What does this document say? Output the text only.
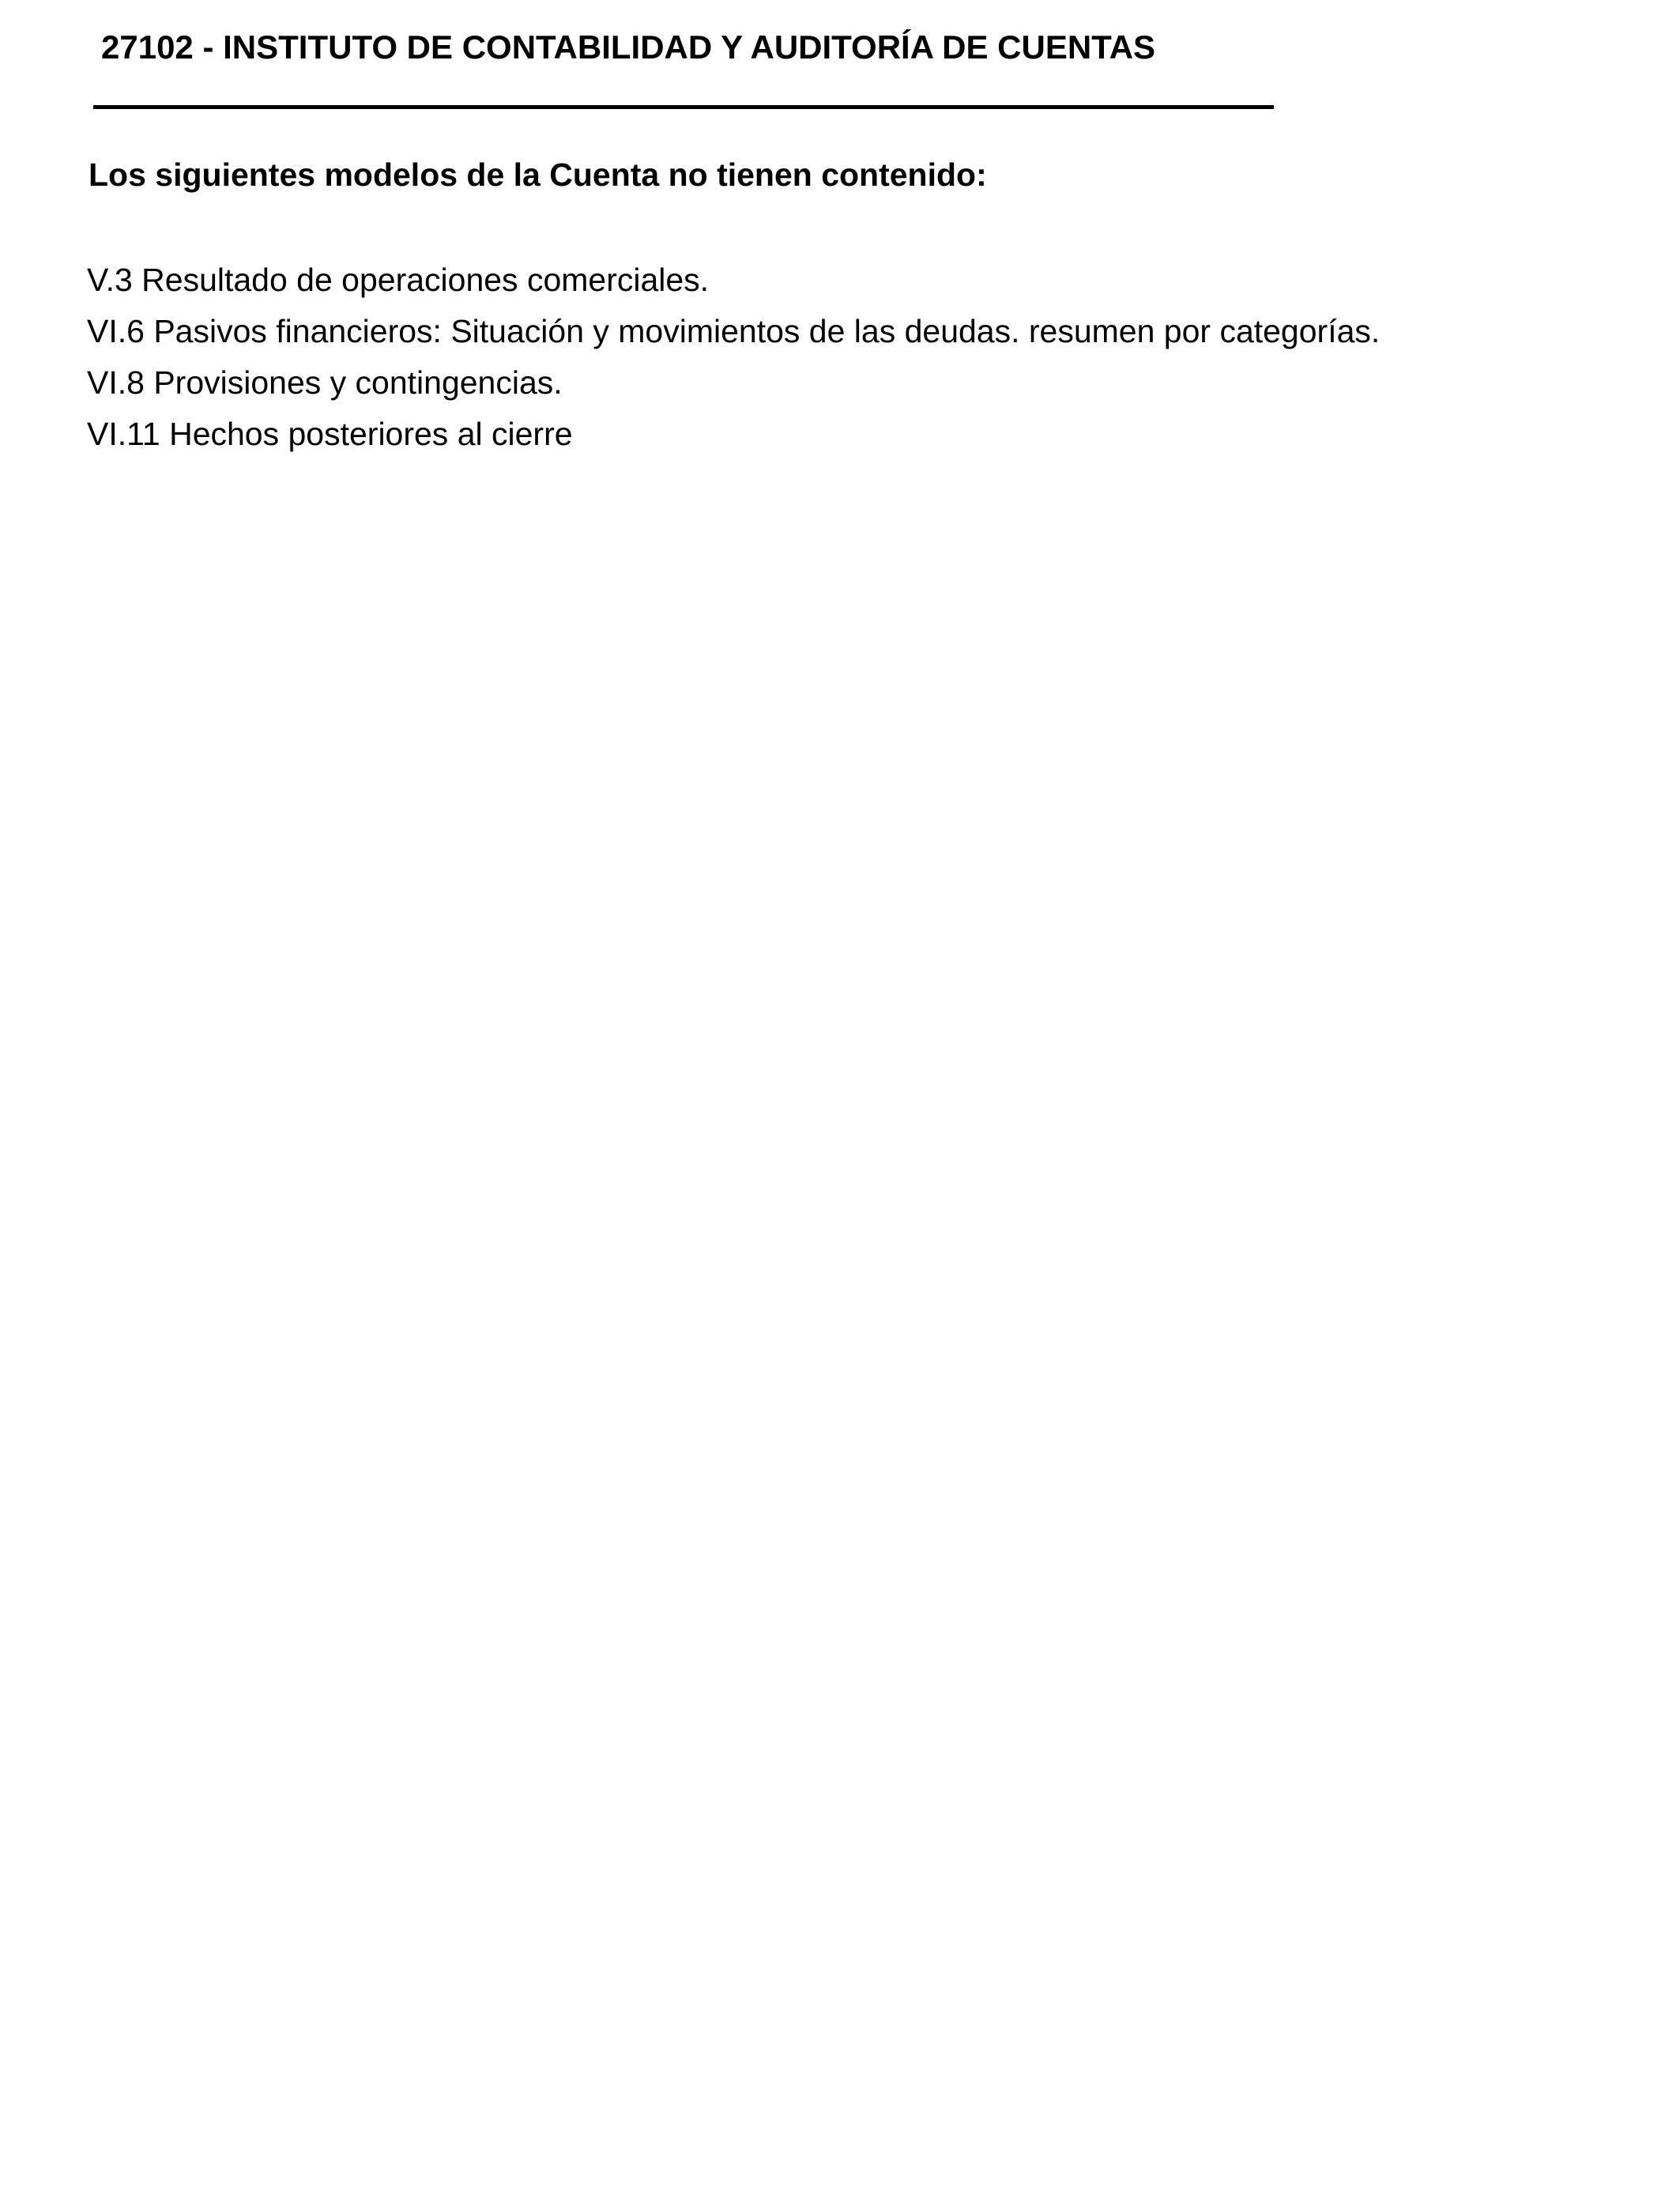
27102 - INSTITUTO DE CONTABILIDAD Y AUDITORÍA DE CUENTAS
Los siguientes modelos de la Cuenta no tienen contenido:
V.3 Resultado de operaciones comerciales.
VI.6 Pasivos financieros: Situación y movimientos de las deudas. resumen por categorías.
VI.8 Provisiones y contingencias.
VI.11 Hechos posteriores al cierre
